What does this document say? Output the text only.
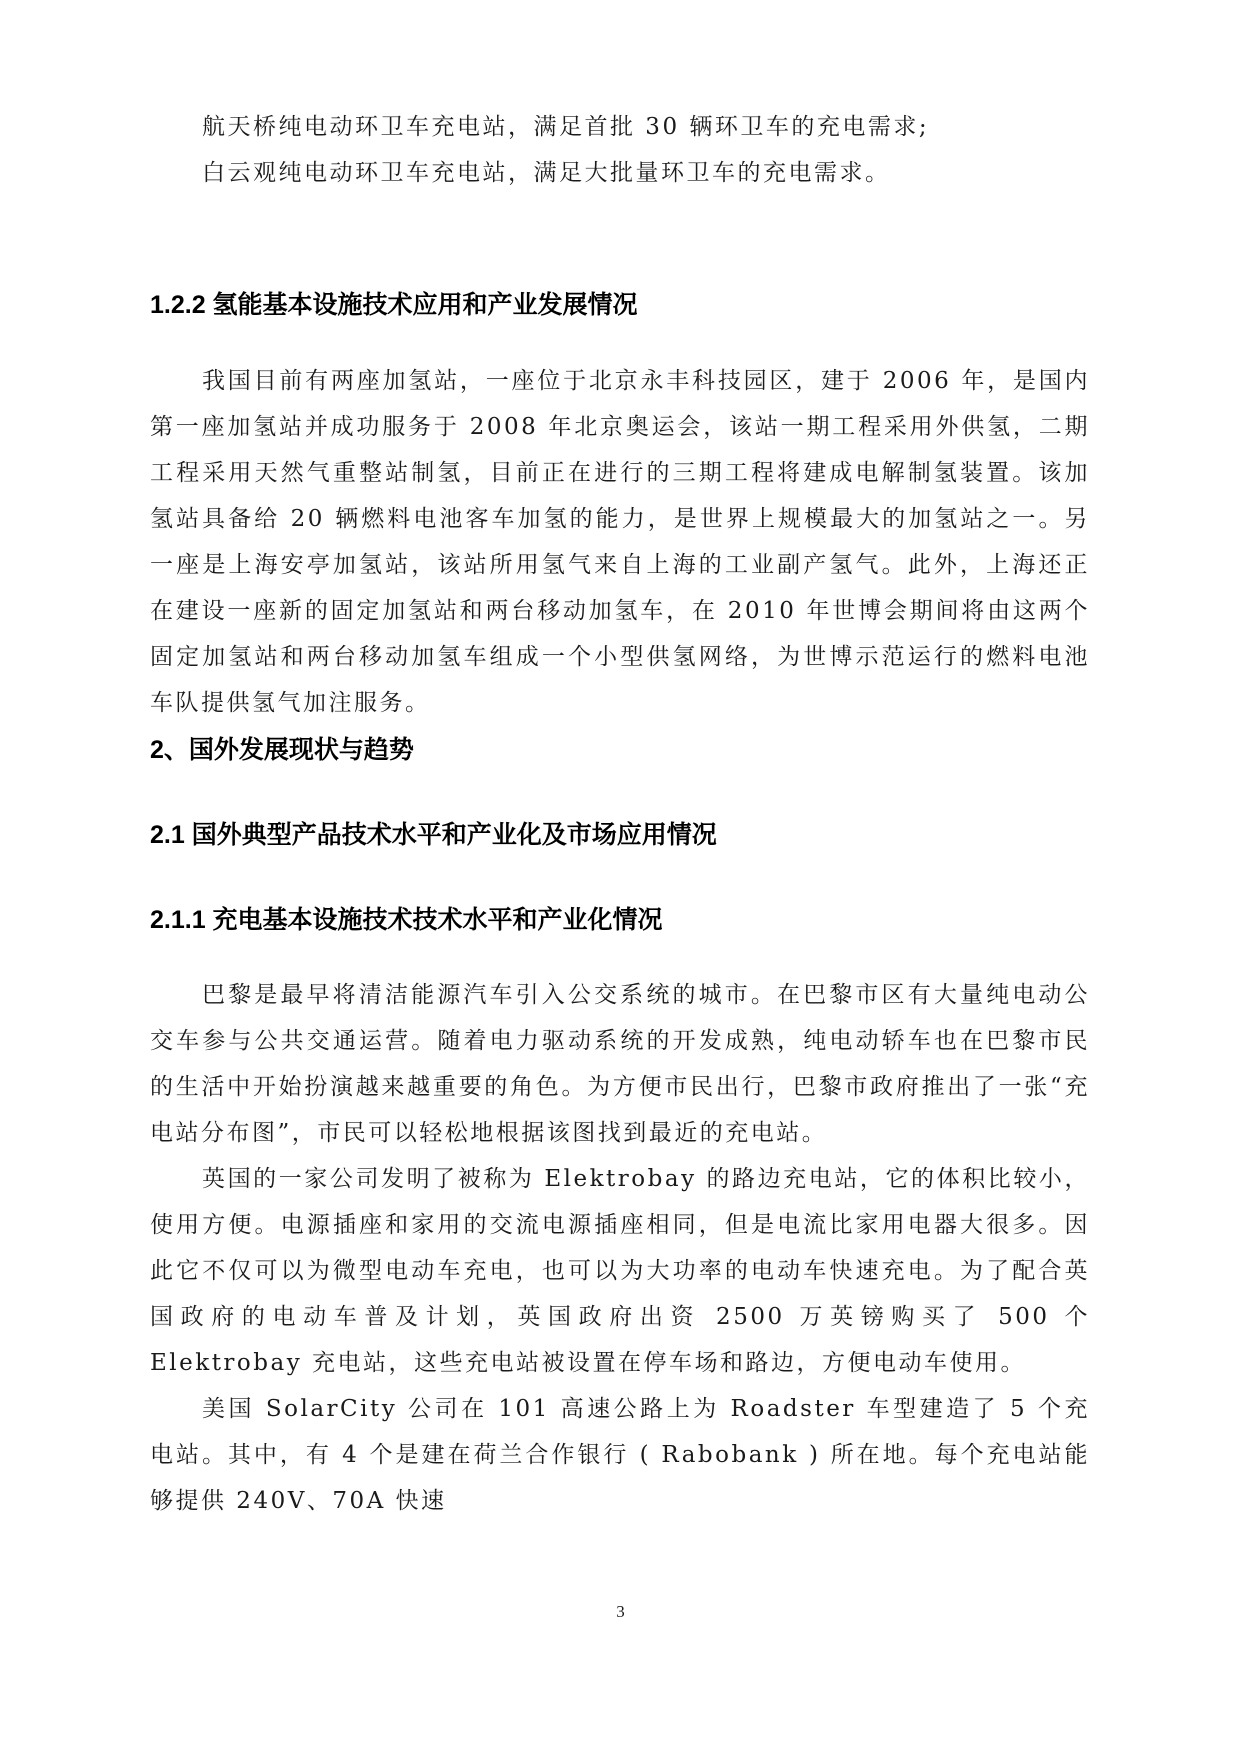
航天桥纯电动环卫车充电站，满足首批 30 辆环卫车的充电需求;

白云观纯电动环卫车充电站，满足大批量环卫车的充电需求。

1.2.2 氢能基本设施技术应用和产业发展情况

我国目前有两座加氢站，一座位于北京永丰科技园区，建于 2006 年，是国内第一座加氢站并成功服务于 2008 年北京奥运会，该站一期工程采用外供氢，二期工程采用天然气重整站制氢，目前正在进行的三期工程将建成电解制氢装置。该加氢站具备给 20 辆燃料电池客车加氢的能力，是世界上规模最大的加氢站之一。另一座是上海安亭加氢站，该站所用氢气来自上海的工业副产氢气。此外，上海还正在建设一座新的固定加氢站和两台移动加氢车，在 2010 年世博会期间将由这两个固定加氢站和两台移动加氢车组成一个小型供氢网络，为世博示范运行的燃料电池车队提供氢气加注服务。

2、国外发展现状与趋势
2.1 国外典型产品技术水平和产业化及市场应用情况
2.1.1 充电基本设施技术技术水平和产业化情况

巴黎是最早将清洁能源汽车引入公交系统的城市。在巴黎市区有大量纯电动公交车参与公共交通运营。随着电力驱动系统的开发成熟，纯电动轿车也在巴黎市民的生活中开始扮演越来越重要的角色。为方便市民出行，巴黎市政府推出了一张“充电站分布图”，市民可以轻松地根据该图找到最近的充电站。

英国的一家公司发明了被称为 Elektrobay 的路边充电站，它的体积比较小，使用方便。电源插座和家用的交流电源插座相同，但是电流比家用电器大很多。因此它不仅可以为微型电动车充电，也可以为大功率的电动车快速充电。为了配合英国政府的电动车普及计划，英国政府出资 2500 万英镑购买了 500 个 Elektrobay 充电站，这些充电站被设置在停车场和路边，方便电动车使用。

美国 SolarCity 公司在 101 高速公路上为 Roadster 车型建造了 5 个充电站。其中，有 4 个是建在荷兰合作银行 ( Rabobank ) 所在地。每个充电站能够提供 240V、70A 快速

3
